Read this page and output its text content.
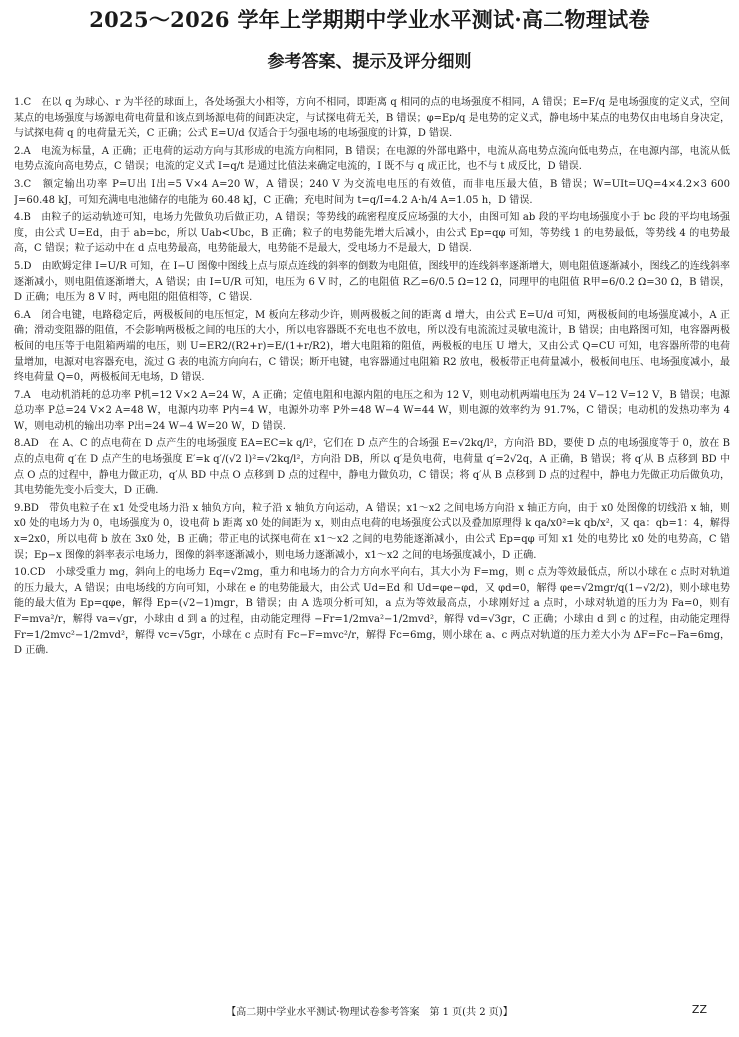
2025～2026 学年上学期期中学业水平测试·高二物理试卷
参考答案、提示及评分细则
1.C　 在以 q 为球心、r 为半径的球面上，各处场强大小相等，方向不相同，即距离 q 相同的点的电场强度不相同，A 错误；E=F/q 是电场强度的定义式，空间某点的电场强度与场源电荷电荷量和该点到场源电荷的间距决定，与试探电荷无关，B 错误；φ=Ep/q 是电势的定义式，静电场中某点的电势仅由电场自身决定，与试探电荷 q 的电荷量无关，C 正确；公式 E=U/d 仅适合于匀强电场的电场强度的计算，D 错误.
2.A　 电流为标量，A 正确；正电荷的运动方向与其形成的电流方向相同，B 错误；在电源的外部电路中，电流从高电势点流向低电势点，在电源内部，电流从低电势点流向高电势点，C 错误；电流的定义式 I=q/t 是通过比值法来确定电流的，I 既不与 q 成正比，也不与 t 成反比，D 错误.
3.C　 额定输出功率 P=U出 I出=5 V×4 A=20 W，A 错误；240 V 为交流电电压的有效值，而非电压最大值，B 错误；W=UIt=UQ=4×4.2×3 600 J=60.48 kJ，可知充满电电池储存的电能为 60.48 kJ，C 正确；充电时间为 t=q/I=4.2 A·h/4 A=1.05 h，D 错误.
4.B　 由粒子的运动轨迹可知，电场力先做负功后做正功，A 错误；等势线的疏密程度反应场强的大小，由图可知 ab 段的平均电场强度小于 bc 段的平均电场强度，由公式 U=Ed，由于 ab=bc，所以 Uab<Ubc，B 正确；粒子的电势能先增大后减小，由公式 Ep=qφ 可知，等势线 1 的电势最低，等势线 4 的电势最高，C 错误；粒子运动中在 d 点电势最高，电势能最大，电势能不是最大，受电场力不是最大，D 错误.
5.D　 由欧姆定律 I=U/R 可知，在 I−U 图像中图线上点与原点连线的斜率的倒数为电阻值，图线甲的连线斜率逐渐增大，则电阻值逐渐减小，图线乙的连线斜率逐渐减小，则电阻值逐渐增大，A 错误；由 I=U/R 可知，电压为 6 V 时，乙的电阻值 R乙=6/0.5 Ω=12 Ω，同理甲的电阻值 R甲=6/0.2 Ω=30 Ω，B 错误，D 正确；电压为 8 V 时，两电阻的阻值相等，C 错误.
6.A　 闭合电键，电路稳定后，两极板间的电压恒定，M 板向左移动少许，则两极板之间的距离 d 增大，由公式 E=U/d 可知，两极板间的电场强度减小，A 正确；滑动变阻器的阻值，不会影响两极板之间的电压的大小，所以电容器既不充电也不放电，所以没有电流流过灵敏电流计，B 错误；由电路图可知，电容器两极板间的电压等于电阻箱两端的电压，则 U=ER2/(R2+r)=E/(1+r/R2)，增大电阻箱的阻值，两极板的电压 U 增大，又由公式 Q=CU 可知，电容器所带的电荷量增加，电源对电容器充电，流过 G 表的电流方向向右，C 错误；断开电键，电容器通过电阻箱 R2 放电，极板带正电荷量减小，极板间电压、电场强度减小，最终电荷量 Q=0，两极板间无电场，D 错误.
7.A　 电动机消耗的总功率 P机=12 V×2 A=24 W，A 正确；定值电阻和电源内阻的电压之和为 12 V，则电动机两端电压为 24 V−12 V=12 V，B 错误；电源总功率 P总=24 V×2 A=48 W，电源内功率 P内=4 W，电源外功率 P外=48 W−4 W=44 W，则电源的效率约为 91.7%，C 错误；电动机的发热功率为 4 W，则电动机的输出功率 P出=24 W−4 W=20 W，D 错误.
8.AD　 在 A、C 的点电荷在 D 点产生的电场强度 EA=EC=k q/l²，它们在 D 点产生的合场强 E=√2kq/l²，方向沿 BD，要使 D 点的电场强度等于 0，放在 B 点的点电荷 q′在 D 点产生的电场强度 E′=k q′/(√2 l)²=√2kq/l²，方向沿 DB，所以 q′是负电荷，电荷量 q′=2√2q，A 正确，B 错误；将 q′从 B 点移到 BD 中点 O 点的过程中，静电力做正功，q′从 BD 中点 O 点移到 D 点的过程中，静电力做负功，C 错误；将 q′从 B 点移到 D 点的过程中，静电力先做正功后做负功，其电势能先变小后变大，D 正确.
9.BD　 带负电粒子在 x1 处受电场力沿 x 轴负方向，粒子沿 x 轴负方向运动，A 错误；x1～x2 之间电场方向沿 x 轴正方向，由于 x0 处图像的切线沿 x 轴，则 x0 处的电场力为 0，电场强度为 0，设电荷 b 距离 x0 处的间距为 x，则由点电荷的电场强度公式以及叠加原理得 k qa/x0²=k qb/x²，又 qa：qb=1：4，解得 x=2x0，所以电荷 b 放在 3x0 处，B 正确；带正电的试探电荷在 x1～x2 之间的电势能逐渐减小，由公式 Ep=qφ 可知 x1 处的电势比 x0 处的电势高，C 错误；Ep−x 图像的斜率表示电场力，图像的斜率逐渐减小，则电场力逐渐减小，x1～x2 之间的电场强度减小，D 正确.
10.CD　 小球受重力 mg，斜向上的电场力 Eq=√2mg，重力和电场力的合力方向水平向右，其大小为 F=mg，则 c 点为等效最低点，所以小球在 c 点时对轨道的压力最大，A 错误；由电场线的方向可知，小球在 e 的电势能最大，由公式 Ud=Ed 和 Ud=φe−φd，又 φd=0，解得 φe=√2mgr/q(1−√2/2)，则小球电势能的最大值为 Ep=qφe，解得 Ep=(√2−1)mgr，B 错误；由 A 选项分析可知，a 点为等效最高点，小球刚好过 a 点时，小球对轨道的压力为 Fa=0，则有 F=mva²/r，解得 va=√gr，小球由 d 到 a 的过程，由动能定理得 −Fr=1/2mva²−1/2mvd²，解得 vd=√3gr，C 正确；小球由 d 到 c 的过程，由动能定理得 Fr=1/2mvc²−1/2mvd²，解得 vc=√5gr，小球在 c 点时有 Fc−F=mvc²/r，解得 Fc=6mg，则小球在 a、c 两点对轨道的压力差大小为 ΔF=Fc−Fa=6mg，D 正确.
【高二期中学业水平测试·物理试卷参考答案　第 1 页(共 2 页)】	ZZ
